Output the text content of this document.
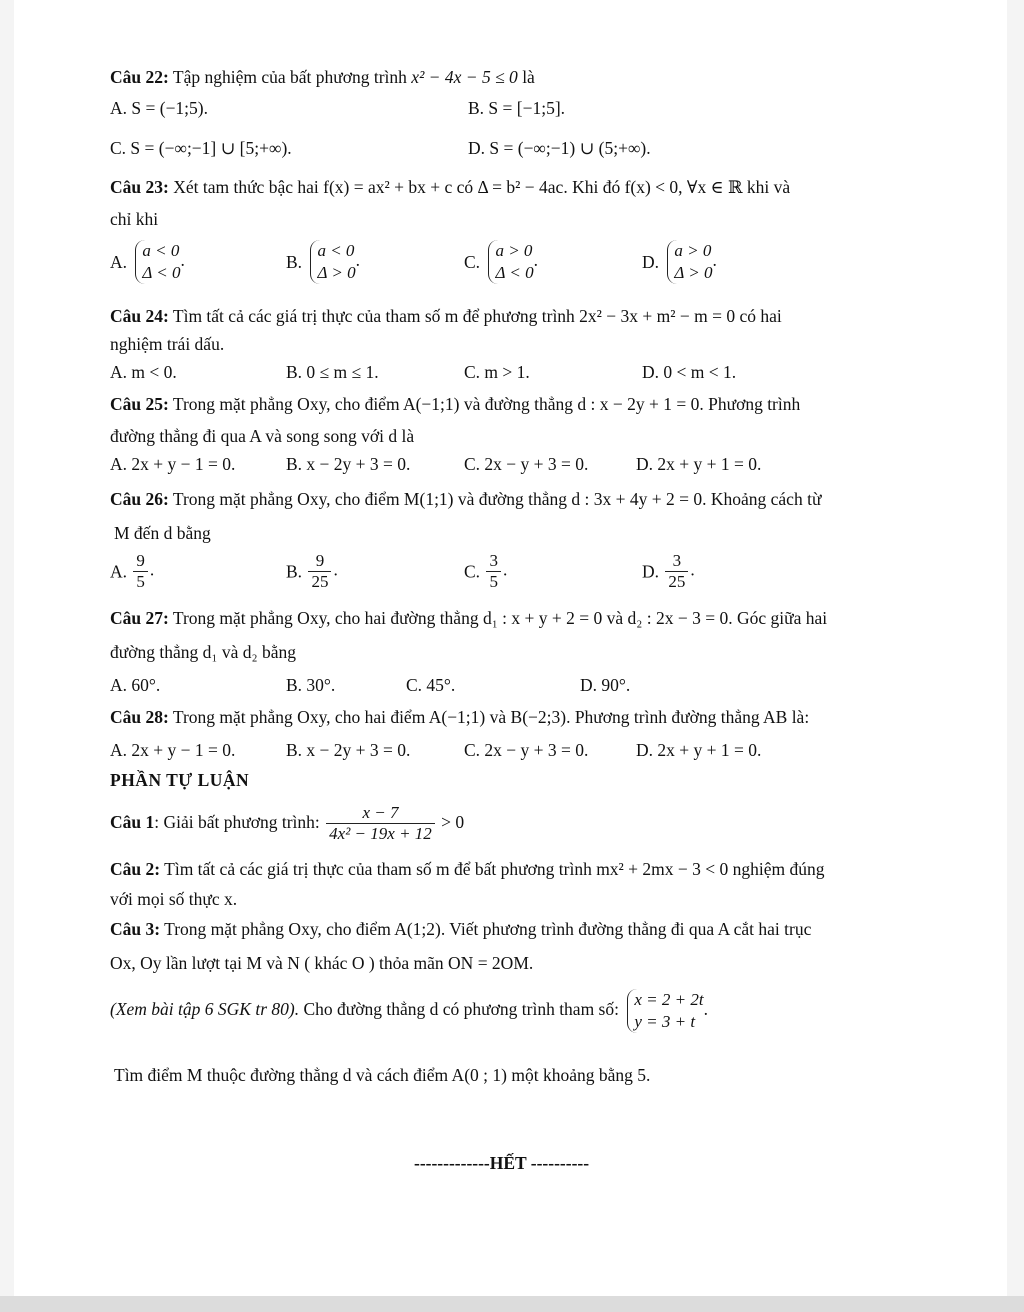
Câu 22: Tập nghiệm của bất phương trình x² − 4x − 5 ≤ 0 là
A. S = (−1;5).	B. S = [−1;5].
C. S = (−∞;−1] ∪ [5;+∞).	D. S = (−∞;−1) ∪ (5;+∞).
Câu 23: Xét tam thức bậc hai f(x) = ax² + bx + c có Δ = b² − 4ac. Khi đó f(x) < 0, ∀x ∈ ℝ khi và
chỉ khi
A.
a < 0
Δ < 0
.	B.
a < 0
Δ > 0
.	C.
a > 0
Δ < 0
.	D.
a > 0
Δ > 0
.
Câu 24: Tìm tất cả các giá trị thực của tham số m để phương trình 2x² − 3x + m² − m = 0 có hai
nghiệm trái dấu.
A. m < 0.	B. 0 ≤ m ≤ 1.	C. m > 1.	D. 0 < m < 1.
Câu 25: Trong mặt phẳng Oxy, cho điểm A(−1;1) và đường thẳng d : x − 2y + 1 = 0. Phương trình
đường thẳng đi qua A và song song với d là
A. 2x + y − 1 = 0.	B. x − 2y + 3 = 0.	C. 2x − y + 3 = 0.	D. 2x + y + 1 = 0.
Câu 26: Trong mặt phẳng Oxy, cho điểm M(1;1) và đường thẳng d : 3x + 4y + 2 = 0. Khoảng cách từ
M đến d bằng
A. $\frac{9}{5}$ .	B. $\frac{9}{25}$ .	C. $\frac{3}{5}$ .	D. $\frac{3}{25}$ .
Câu 27: Trong mặt phẳng Oxy, cho hai đường thẳng d₁ : x + y + 2 = 0 và d₂ : 2x − 3 = 0. Góc giữa hai
đường thẳng d₁ và d₂ bằng
A. 60°.	B. 30°.	C. 45°.	D. 90°.
Câu 28: Trong mặt phẳng Oxy, cho hai điểm A(−1;1) và B(−2;3). Phương trình đường thẳng AB là:
A. 2x + y − 1 = 0.	B. x − 2y + 3 = 0.	C. 2x − y + 3 = 0.	D. 2x + y + 1 = 0.
PHẦN TỰ LUẬN
Câu 1: Giải bất phương trình: $\frac{x - 7}{\text{4x² − 19x + 12}} > 0$
Câu 2: Tìm tất cả các giá trị thực của tham số m để bất phương trình mx² + 2mx − 3 < 0 nghiệm đúng
với mọi số thực x.
Câu 3: Trong mặt phẳng Oxy, cho điểm A(1;2). Viết phương trình đường thẳng đi qua A cắt hai trục
Ox, Oy lần lượt tại M và N ( khác O ) thỏa mãn ON = 2OM.
(Xem bài tập 6 SGK tr 80). Cho đường thẳng d có phương trình tham số: x = 2 + 2t
y = 3 + t
.
Tìm điểm M thuộc đường thẳng d và cách điểm A(0 ; 1) một khoảng bằng 5.
-------------HẾT ----------
